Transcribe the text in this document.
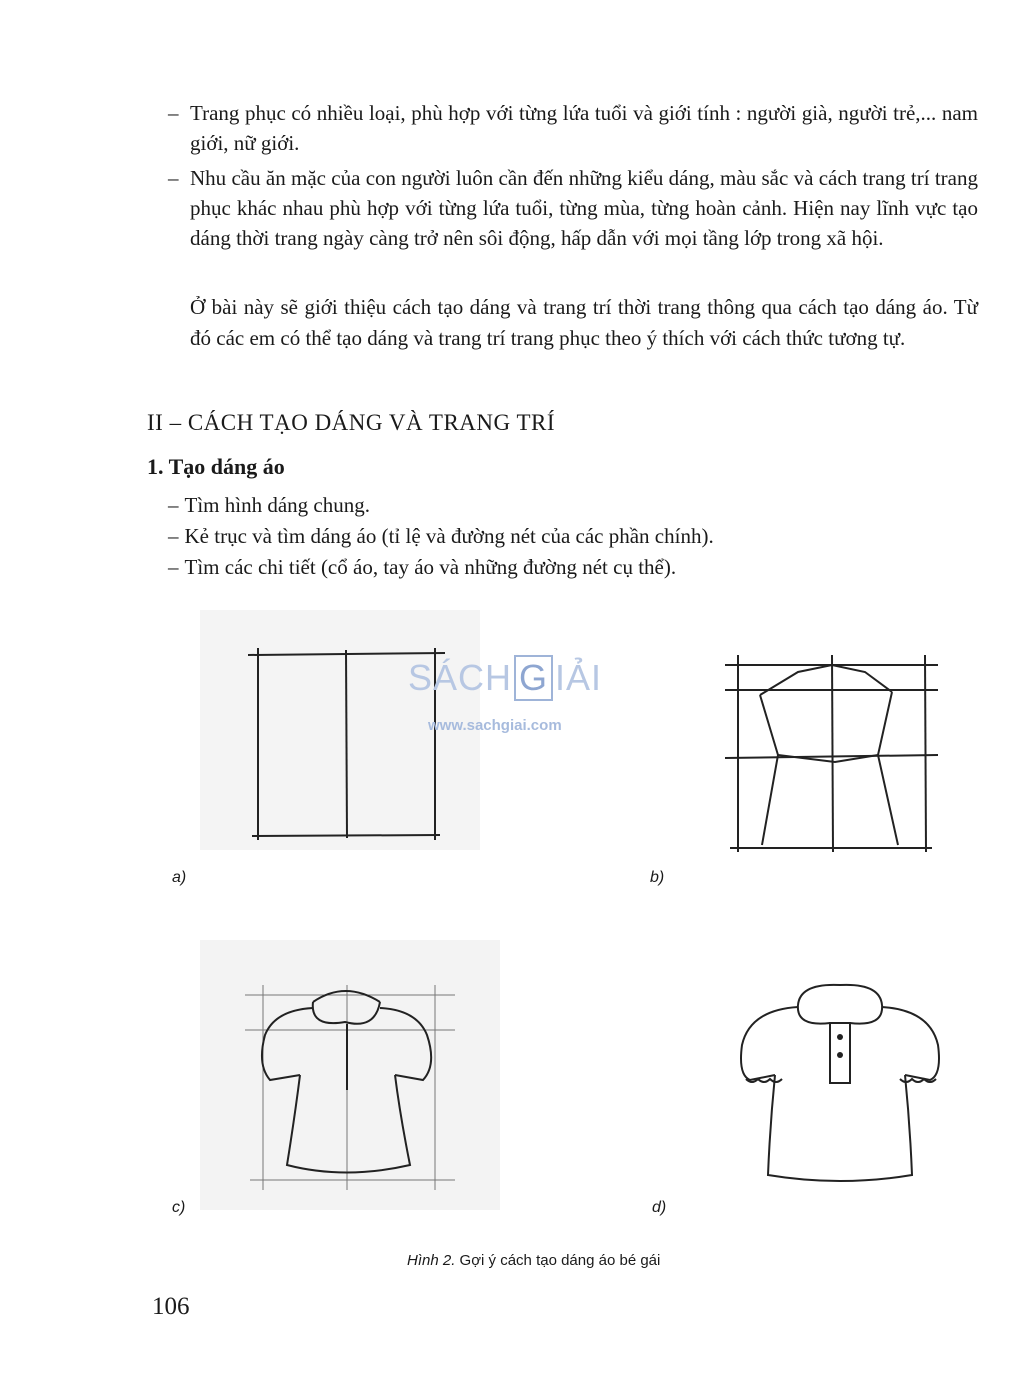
– Trang phục có nhiều loại, phù hợp với từng lứa tuổi và giới tính : người già, người trẻ,... nam giới, nữ giới.
– Nhu cầu ăn mặc của con người luôn cần đến những kiểu dáng, màu sắc và cách trang trí trang phục khác nhau phù hợp với từng lứa tuổi, từng mùa, từng hoàn cảnh. Hiện nay lĩnh vực tạo dáng thời trang ngày càng trở nên sôi động, hấp dẫn với mọi tầng lớp trong xã hội.
Ở bài này sẽ giới thiệu cách tạo dáng và trang trí thời trang thông qua cách tạo dáng áo. Từ đó các em có thể tạo dáng và trang trí trang phục theo ý thích với cách thức tương tự.
II – CÁCH TẠO DÁNG VÀ TRANG TRÍ
1. Tạo dáng áo
– Tìm hình dáng chung.
– Kẻ trục và tìm dáng áo (tỉ lệ và đường nét của các phần chính).
– Tìm các chi tiết (cổ áo, tay áo và những đường nét cụ thể).
SÁCH G IẢI
www.sachgiai.com
a)	b)
c)	d)
Hình 2. Gợi ý cách tạo dáng áo bé gái
106
